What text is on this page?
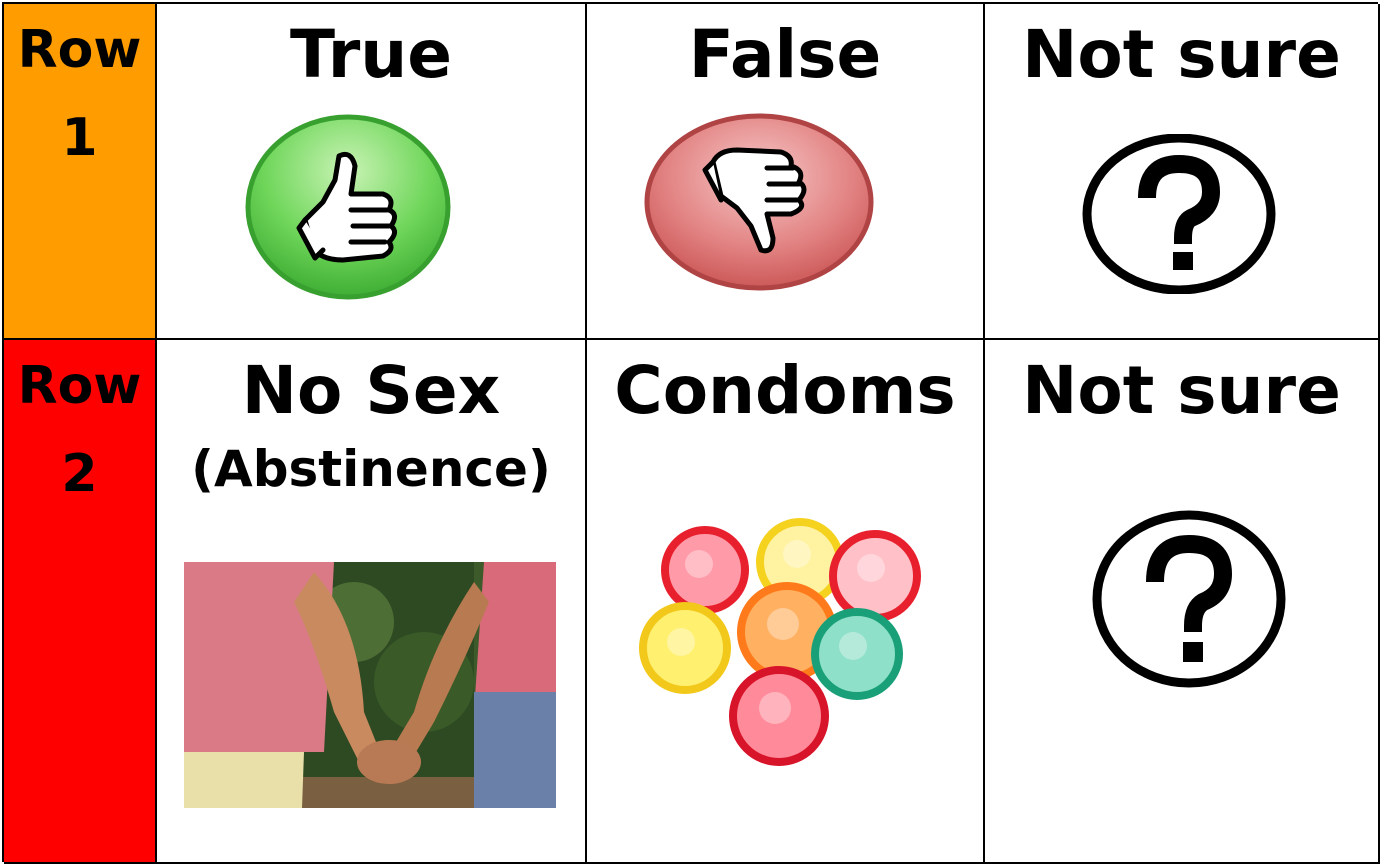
Row
1
True	False Not sure
Row
2
No Sex
(Abstinence)
Condoms Not sure
